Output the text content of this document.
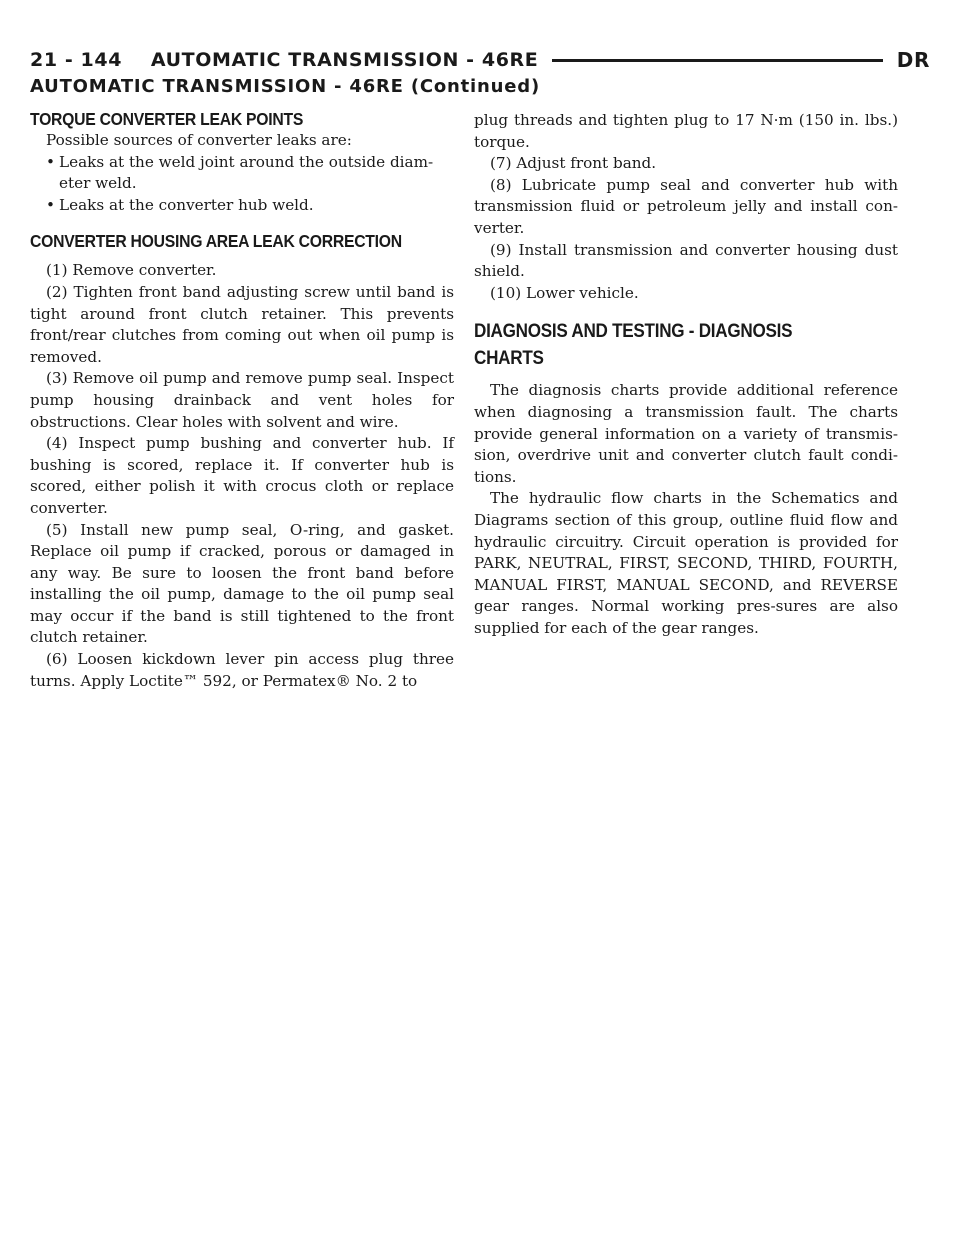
21 - 144 AUTOMATIC TRANSMISSION - 46RE	DR
AUTOMATIC TRANSMISSION - 46RE (Continued)
TORQUE CONVERTER LEAK POINTS

Possible sources of converter leaks are:

• Leaks at the weld joint around the outside diam-eter weld.
• Leaks at the converter hub weld.
CONVERTER HOUSING AREA LEAK CORRECTION

(1) Remove converter.

(2) Tighten front band adjusting screw until band is tight around front clutch retainer. This prevents front/rear clutches from coming out when oil pump is removed.

(3) Remove oil pump and remove pump seal. Inspect pump housing drainback and vent holes for obstructions. Clear holes with solvent and wire.

(4) Inspect pump bushing and converter hub. If bushing is scored, replace it. If converter hub is scored, either polish it with crocus cloth or replace converter.

(5) Install new pump seal, O-ring, and gasket. Replace oil pump if cracked, porous or damaged in any way. Be sure to loosen the front band before installing the oil pump, damage to the oil pump seal may occur if the band is still tightened to the front clutch retainer.

(6) Loosen kickdown lever pin access plug three turns. Apply Loctite™ 592, or Permatex® No. 2 to

plug threads and tighten plug to 17 N·m (150 in. lbs.) torque.

(7) Adjust front band.

(8) Lubricate pump seal and converter hub with transmission fluid or petroleum jelly and install con-verter.

(9) Install transmission and converter housing dust shield.

(10) Lower vehicle.

DIAGNOSIS AND TESTING - DIAGNOSIS
CHARTS

The diagnosis charts provide additional reference when diagnosing a transmission fault. The charts provide general information on a variety of transmis-sion, overdrive unit and converter clutch fault condi-tions.

The hydraulic flow charts in the Schematics and Diagrams section of this group, outline fluid flow and hydraulic circuitry. Circuit operation is provided for PARK, NEUTRAL, FIRST, SECOND, THIRD, FOURTH, MANUAL FIRST, MANUAL SECOND, and REVERSE gear ranges. Normal working pres-sures are also supplied for each of the gear ranges.
